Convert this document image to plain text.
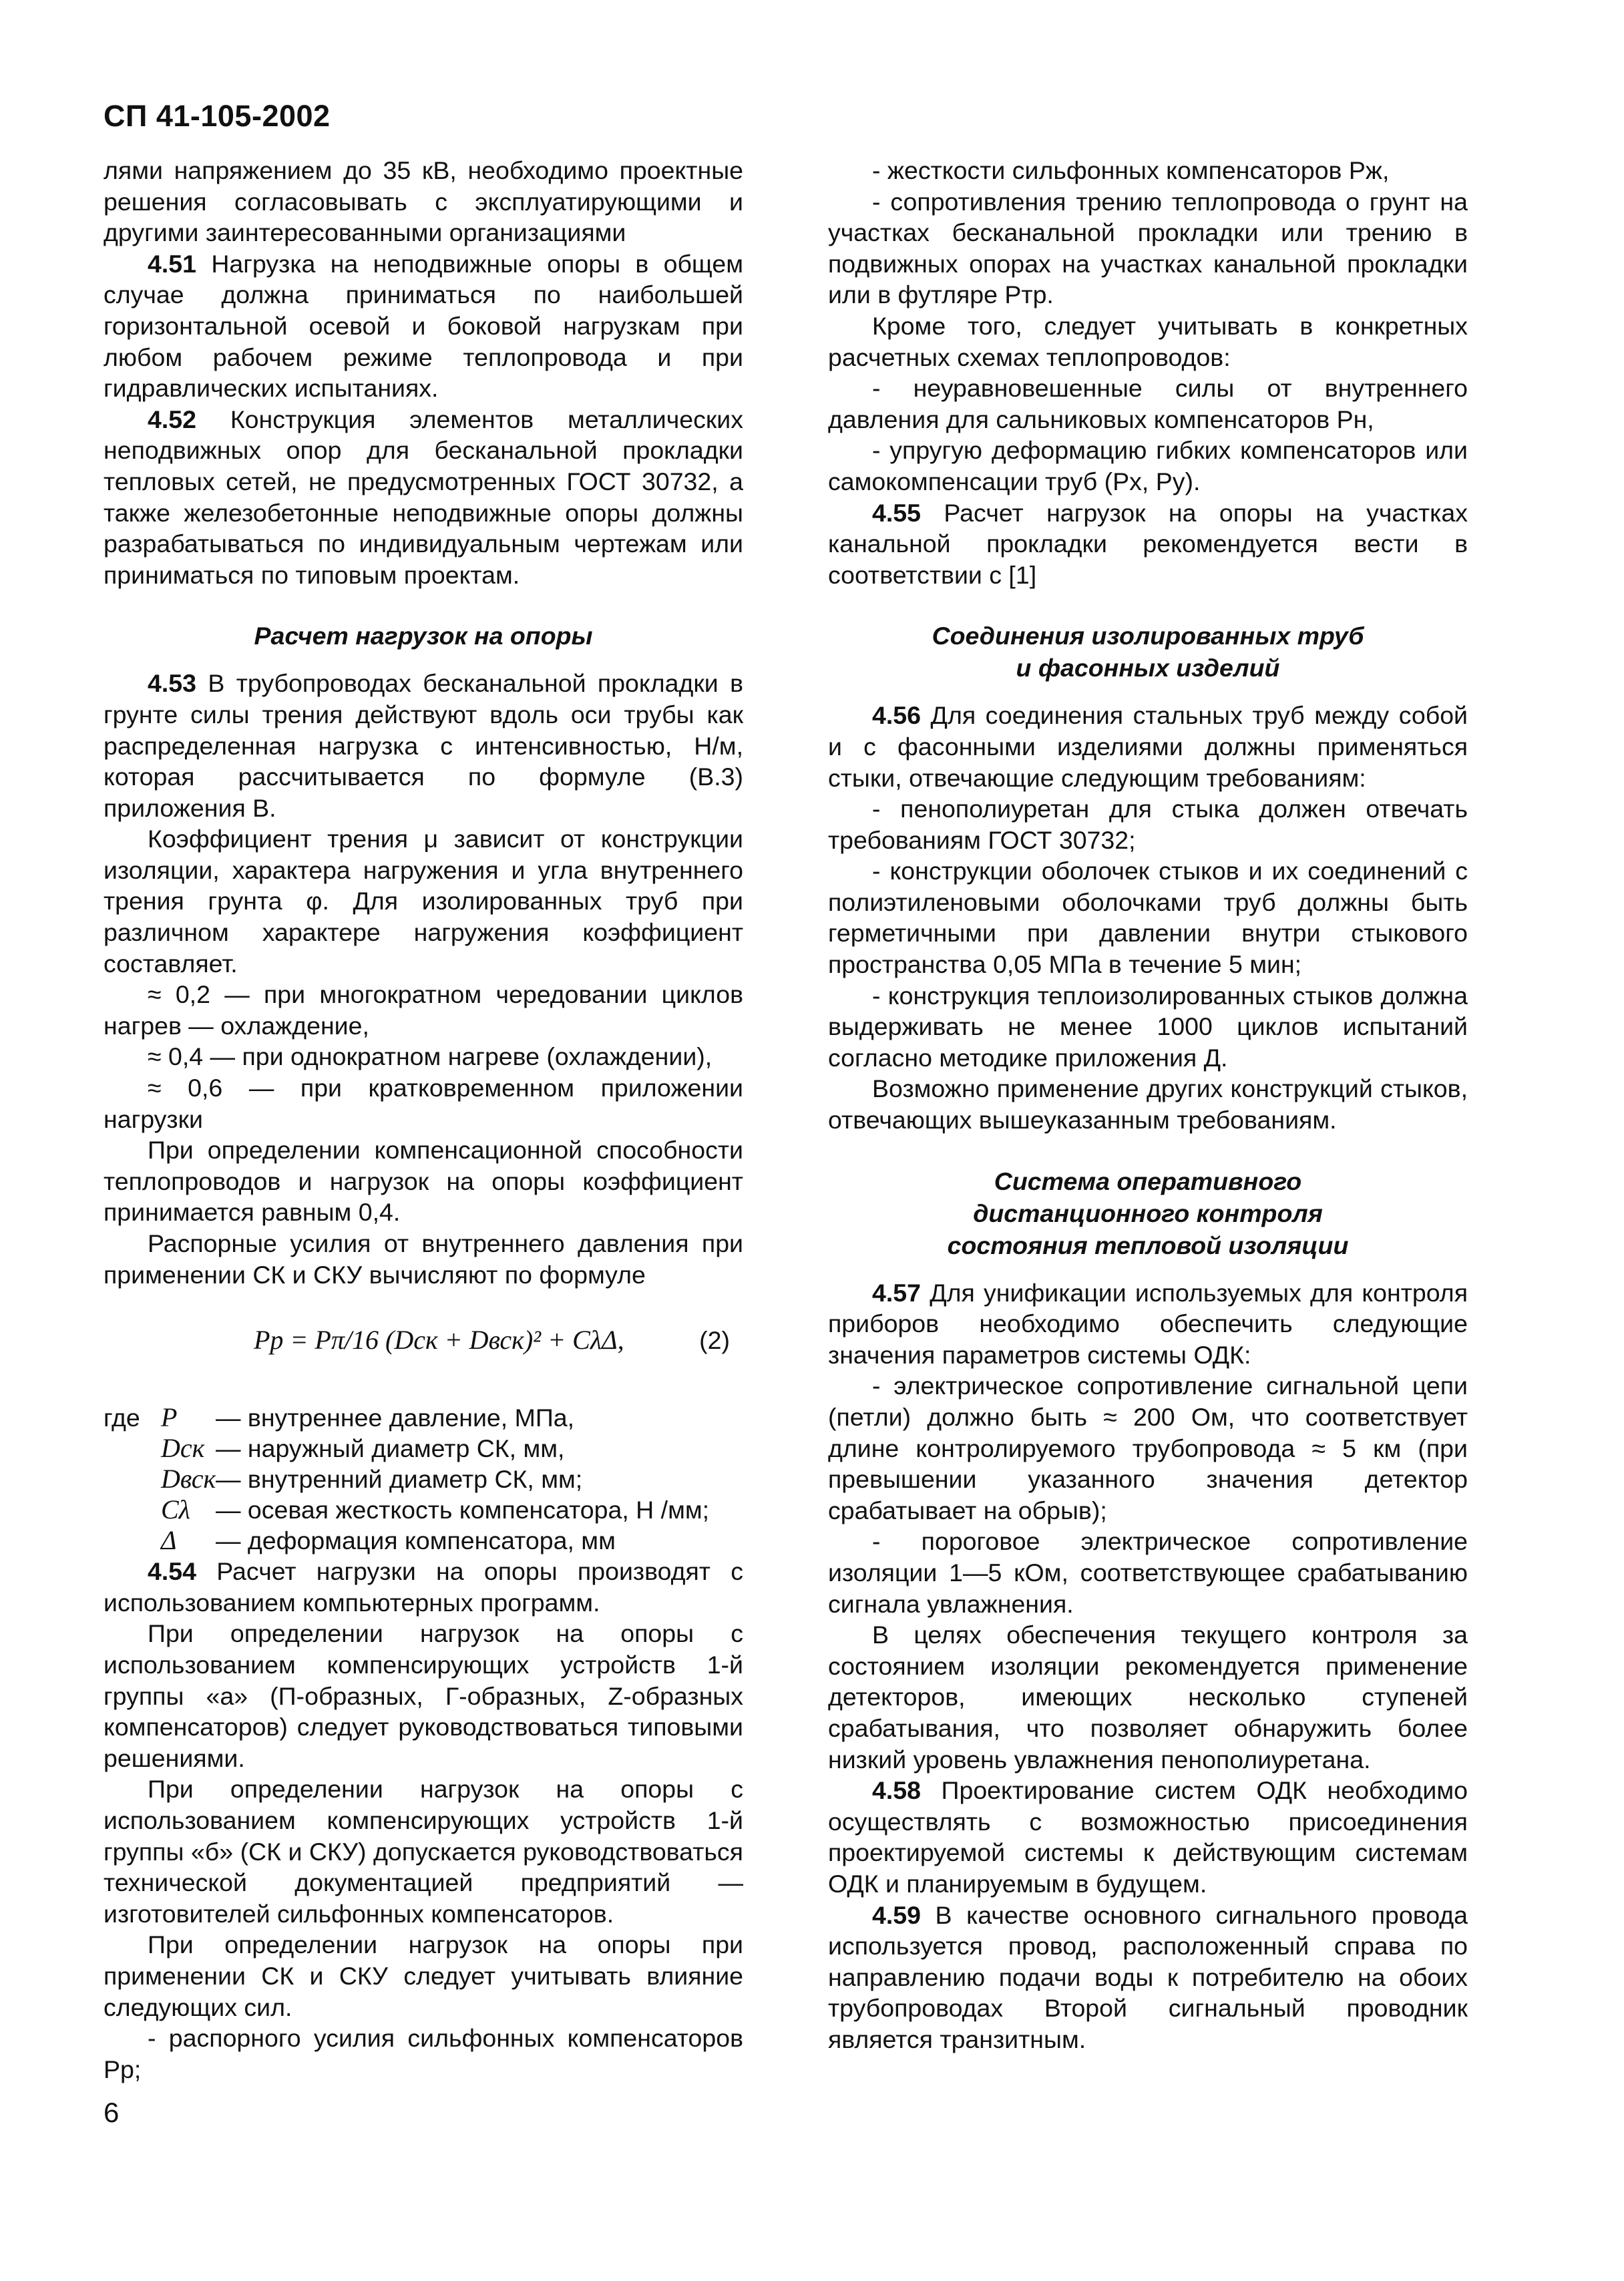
СП 41-105-2002

лями напряжением до 35 кВ, необходимо проектные решения согласовывать с эксплуатирующими и другими заинтересованными организациями

4.51 Нагрузка на неподвижные опоры в общем случае должна приниматься по наибольшей горизонтальной осевой и боковой нагрузкам при любом рабочем режиме теплопровода и при гидравлических испытаниях.

4.52 Конструкция элементов металлических неподвижных опор для бесканальной прокладки тепловых сетей, не предусмотренных ГОСТ 30732, а также железобетонные неподвижные опоры должны разрабатываться по индивидуальным чертежам или приниматься по типовым проектам.

Расчет нагрузок на опоры

4.53 В трубопроводах бесканальной прокладки в грунте силы трения действуют вдоль оси трубы как распределенная нагрузка с интенсивностью, Н/м, которая рассчитывается по формуле (В.3) приложения В.

Коэффициент трения μ зависит от конструкции изоляции, характера нагружения и угла внутреннего трения грунта φ. Для изолированных труб при различном характере нагружения коэффициент составляет.

≈ 0,2 — при многократном чередовании циклов нагрев — охлаждение,

≈ 0,4 — при однократном нагреве (охлаждении),

≈ 0,6 — при кратковременном приложении нагрузки

При определении компенсационной способности теплопроводов и нагрузок на опоры коэффициент принимается равным 0,4.

Распорные усилия от внутреннего давления при применении СК и СКУ вычисляют по формуле

Pp = Pπ/16 (Dск + Dвск)² + CλΔ,	(2)
где P	— внутреннее давление, МПа,
Dск — наружный диаметр СК, мм,
Dвск — внутренний диаметр СК, мм;
Cλ	— осевая жесткость компенсатора, Н /мм;
Δ	— деформация компенсатора, мм

4.54 Расчет нагрузки на опоры производят с использованием компьютерных программ.

При определении нагрузок на опоры с использованием компенсирующих устройств 1-й группы «а» (П-образных, Г-образных, Z-образных компенсаторов) следует руководствоваться типовыми решениями.

При определении нагрузок на опоры с использованием компенсирующих устройств 1-й группы «б» (СК и СКУ) допускается руководствоваться технической документацией предприятий — изготовителей сильфонных компенсаторов.

При определении нагрузок на опоры при применении СК и СКУ следует учитывать влияние следующих сил.

- распорного усилия сильфонных компенсаторов Pр;

- жесткости сильфонных компенсаторов Pж,

- сопротивления трению теплопровода о грунт на участках бесканальной прокладки или трению в подвижных опорах на участках канальной прокладки или в футляре Pтр.

Кроме того, следует учитывать в конкретных расчетных схемах теплопроводов:

- неуравновешенные силы от внутреннего давления для сальниковых компенсаторов Pн,

- упругую деформацию гибких компенсаторов или самокомпенсации труб (Px, Py).

4.55 Расчет нагрузок на опоры на участках канальной прокладки рекомендуется вести в соответствии с [1]

Соединения изолированных труб
и фасонных изделий

4.56 Для соединения стальных труб между собой и с фасонными изделиями должны применяться стыки, отвечающие следующим требованиям:

- пенополиуретан для стыка должен отвечать требованиям ГОСТ 30732;

- конструкции оболочек стыков и их соединений с полиэтиленовыми оболочками труб должны быть герметичными при давлении внутри стыкового пространства 0,05 МПа в течение 5 мин;

- конструкция теплоизолированных стыков должна выдерживать не менее 1000 циклов испытаний согласно методике приложения Д.

Возможно применение других конструкций стыков, отвечающих вышеуказанным требованиям.

Система оперативного
дистанционного контроля
состояния тепловой изоляции

4.57 Для унификации используемых для контроля приборов необходимо обеспечить следующие значения параметров системы ОДК:

- электрическое сопротивление сигнальной цепи (петли) должно быть ≈ 200 Ом, что соответствует длине контролируемого трубопровода ≈ 5 км (при превышении указанного значения детектор срабатывает на обрыв);

- пороговое электрическое сопротивление изоляции 1—5 кОм, соответствующее срабатыванию сигнала увлажнения.

В целях обеспечения текущего контроля за состоянием изоляции рекомендуется применение детекторов, имеющих несколько ступеней срабатывания, что позволяет обнаружить более низкий уровень увлажнения пенополиуретана.

4.58 Проектирование систем ОДК необходимо осуществлять с возможностью присоединения проектируемой системы к действующим системам ОДК и планируемым в будущем.

4.59 В качестве основного сигнального провода используется провод, расположенный справа по направлению подачи воды к потребителю на обоих трубопроводах Второй сигнальный проводник является транзитным.

6
